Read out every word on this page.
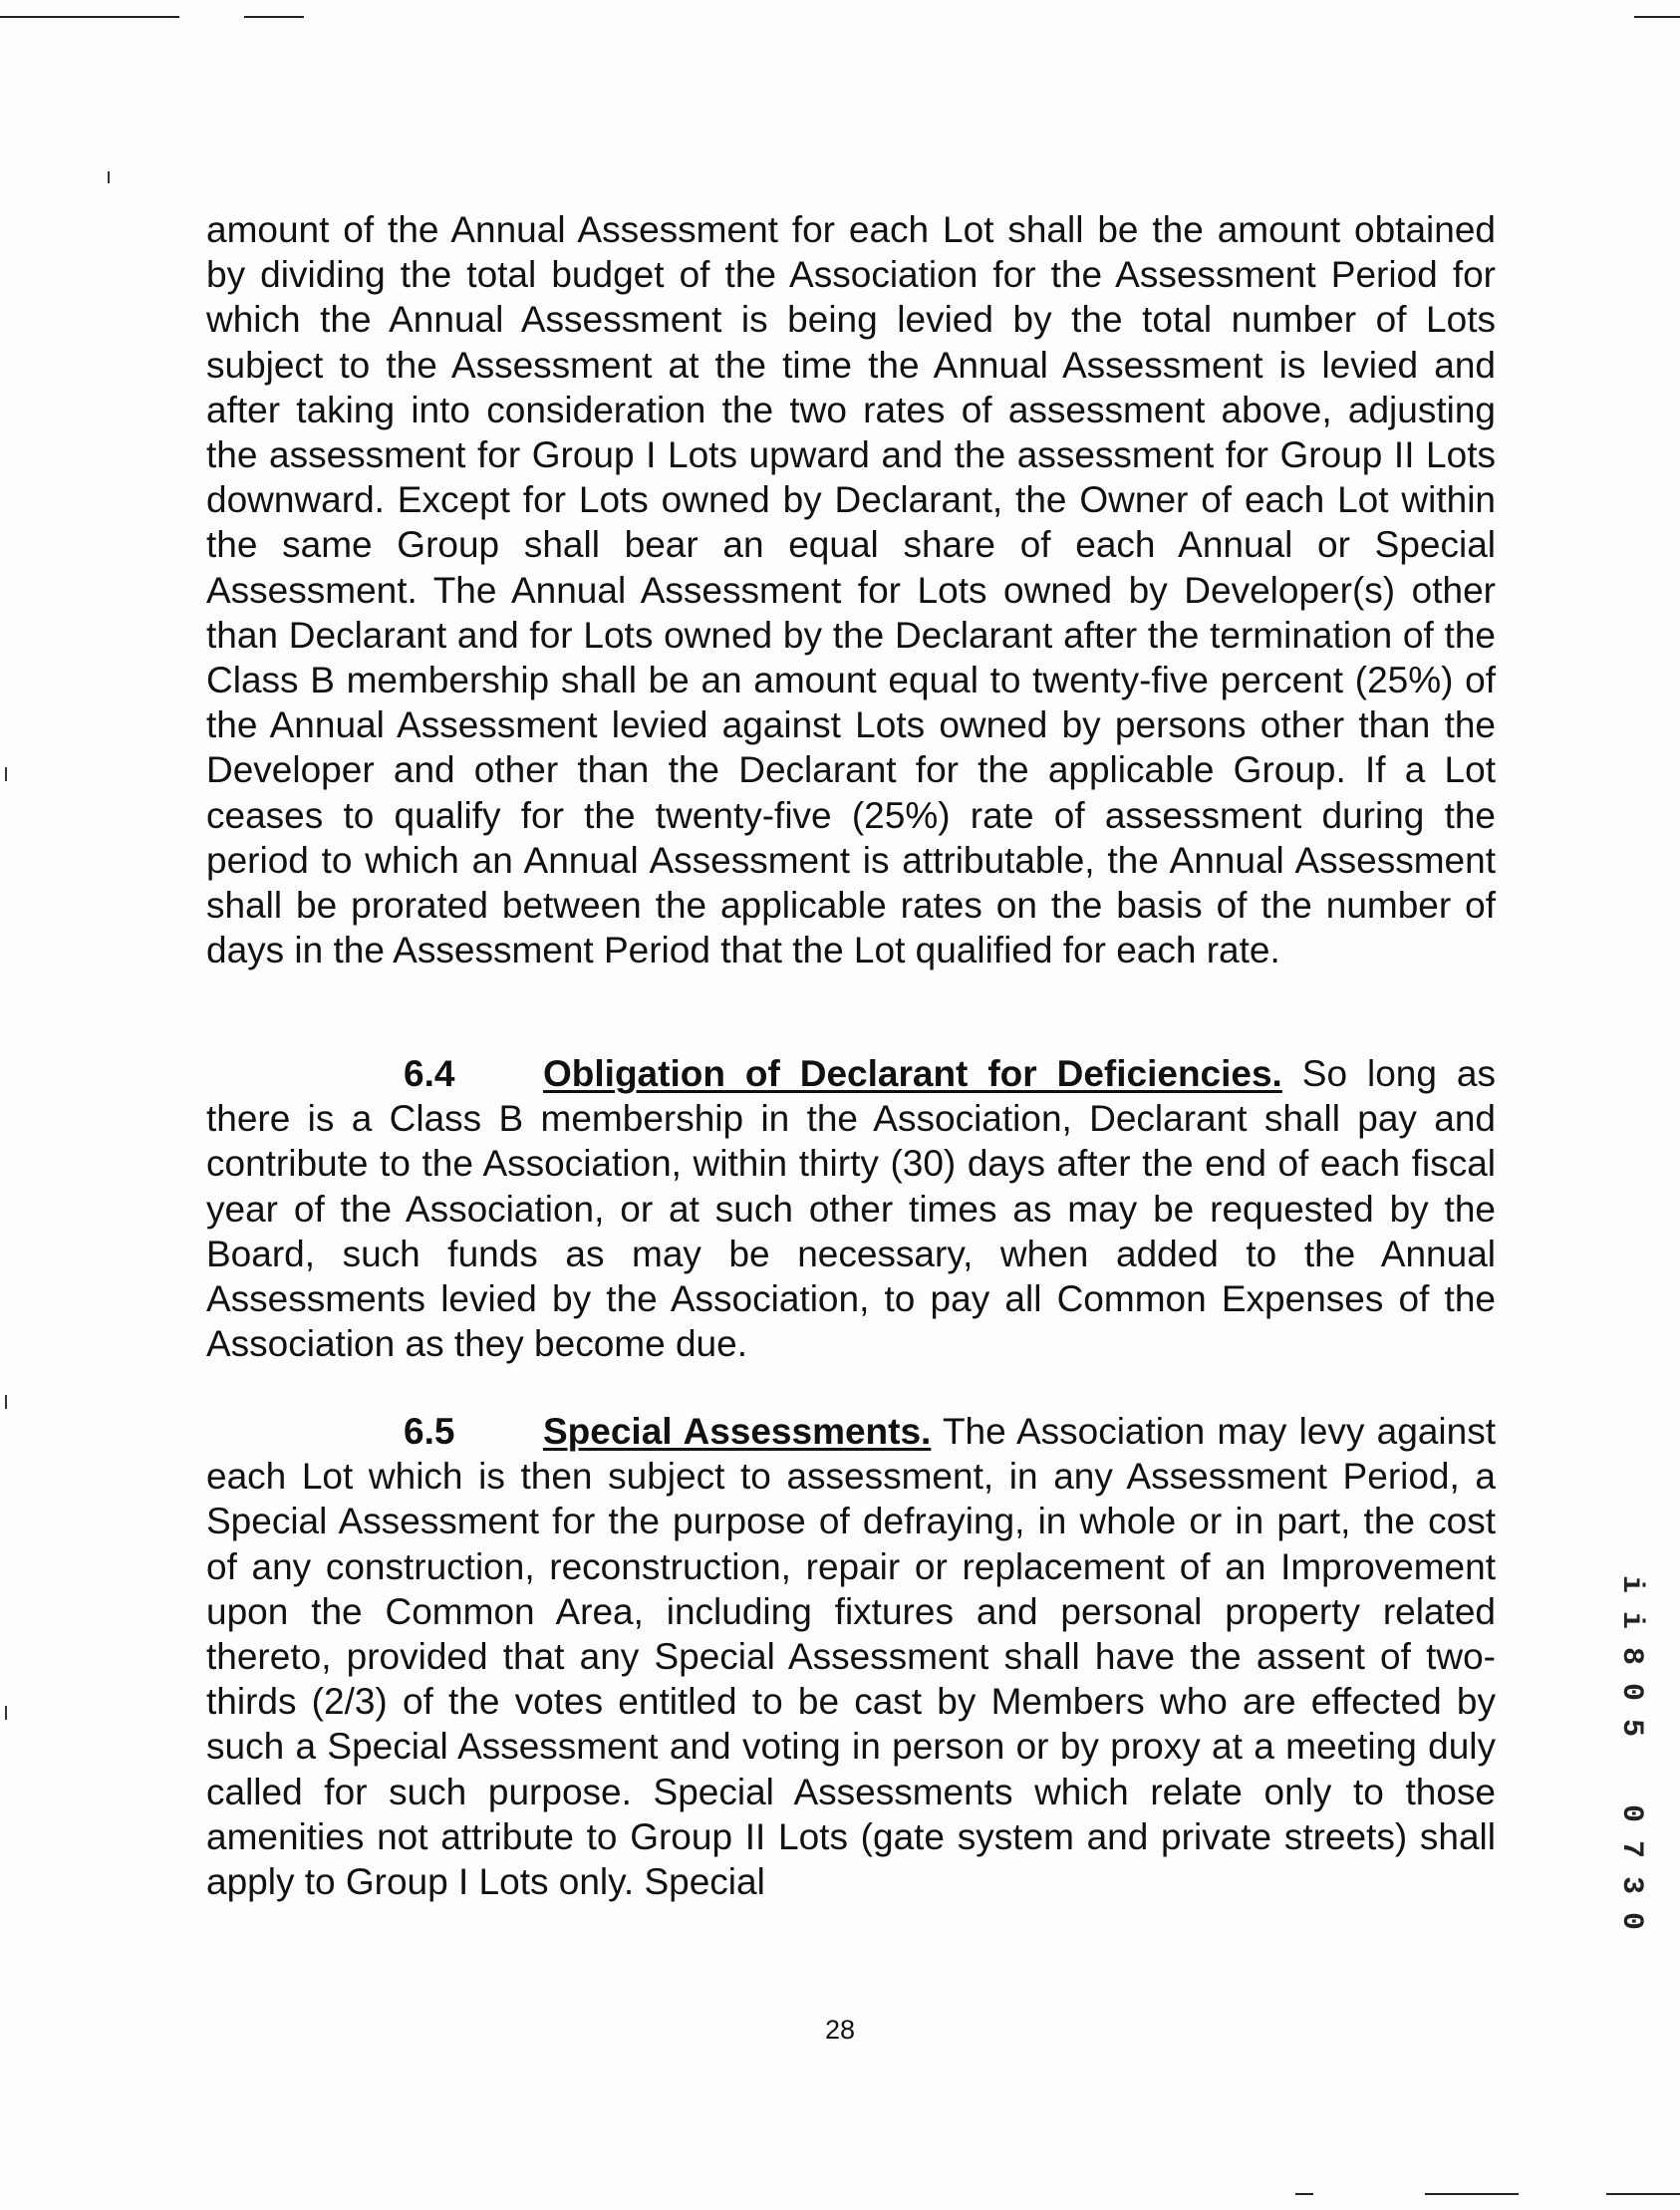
amount of the Annual Assessment for each Lot shall be the amount obtained by dividing the total budget of the Association for the Assessment Period for which the Annual Assessment is being levied by the total number of Lots subject to the Assessment at the time the Annual Assessment is levied and after taking into consideration the two rates of assessment above, adjusting the assessment for Group I Lots upward and the assessment for Group II Lots downward. Except for Lots owned by Declarant, the Owner of each Lot within the same Group shall bear an equal share of each Annual or Special Assessment. The Annual Assessment for Lots owned by Developer(s) other than Declarant and for Lots owned by the Declarant after the termination of the Class B membership shall be an amount equal to twenty-five percent (25%) of the Annual Assessment levied against Lots owned by persons other than the Developer and other than the Declarant for the applicable Group. If a Lot ceases to qualify for the twenty-five (25%) rate of assessment during the period to which an Annual Assessment is attributable, the Annual Assessment shall be prorated between the applicable rates on the basis of the number of days in the Assessment Period that the Lot qualified for each rate.

6.4 Obligation of Declarant for Deficiencies. So long as there is a Class B membership in the Association, Declarant shall pay and contribute to the Association, within thirty (30) days after the end of each fiscal year of the Association, or at such other times as may be requested by the Board, such funds as may be necessary, when added to the Annual Assessments levied by the Association, to pay all Common Expenses of the Association as they become due.

6.5 Special Assessments. The Association may levy against each Lot which is then subject to assessment, in any Assessment Period, a Special Assessment for the purpose of defraying, in whole or in part, the cost of any construction, reconstruction, repair or replacement of an Improvement upon the Common Area, including fixtures and personal property related thereto, provided that any Special Assessment shall have the assent of two-thirds (2/3) of the votes entitled to be cast by Members who are effected by such a Special Assessment and voting in person or by proxy at a meeting duly called for such purpose. Special Assessments which relate only to those amenities not attribute to Group II Lots (gate system and private streets) shall apply to Group I Lots only. Special

28
i
i
8
0
5
0
7
3
0
